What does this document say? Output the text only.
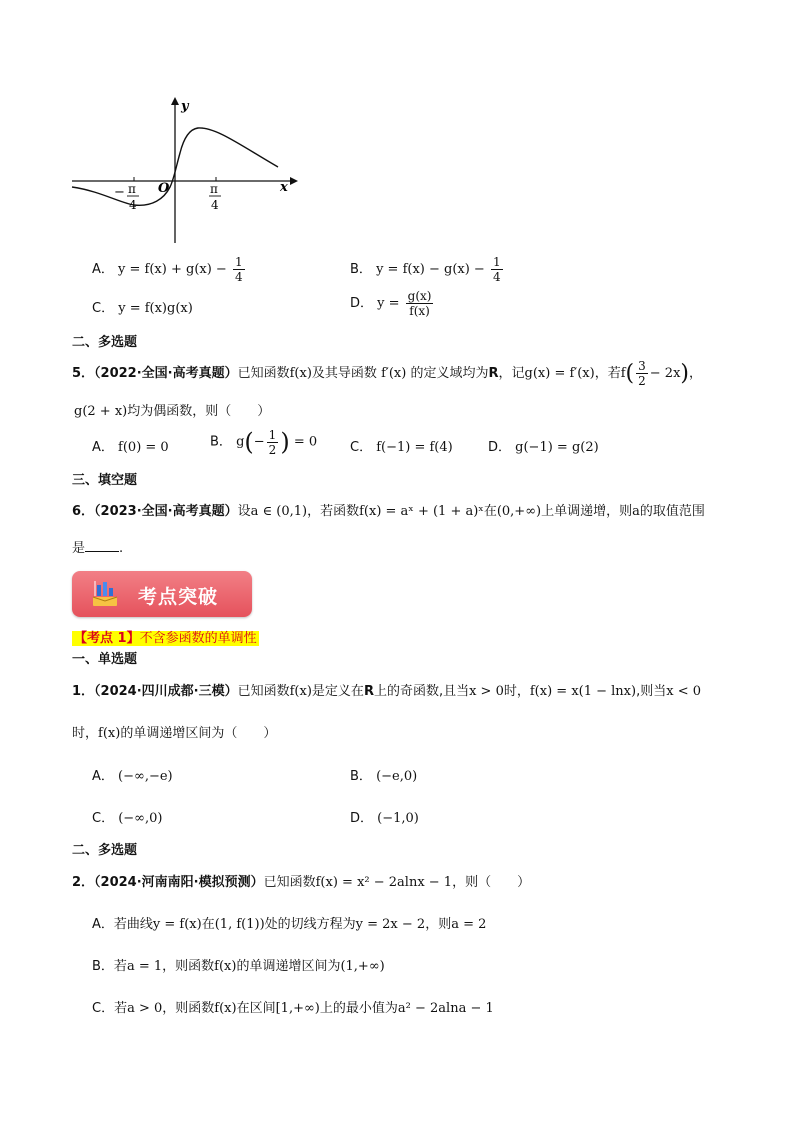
y
x
O
− π
4
π
4
A． $y = f(x) + g(x) - \frac{1}{4}$	B． $y = f(x) - g(x) - \frac{1}{4}$
C． y = f(x)g(x)	D． $y = \frac{g(x)}{f(x)}$
二、多选题
5．（2022·全国·高考真题）已知函数f(x)及其导函数 f′(x) 的定义域均为R，记g(x) = f′(x)，若$f( \frac{3}{2} - 2x)$，
g(2 + x)均为偶函数，则（　　）
A． f(0) = 0	B． $g(- \frac{1}{2}$ ) = 0	C． f(−1) = f(4)	D． g(−1) = g(2)
三、填空题
6．（2023·全国·高考真题）设a ∈ (0,1)，若函数f(x) = aˣ + (1 + a)ˣ在(0,+∞)上单调递增，则a的取值范围
是	.
考点突破
【考点 1】不含参函数的单调性
一、单选题
1．（2024·四川成都·三模）已知函数f(x)是定义在R上的奇函数,且当x > 0时，f(x) = x(1 − lnx),则当x < 0
时，f(x)的单调递增区间为（　　）
A． (−∞,−e)	B． (−e,0)
C． (−∞,0)	D． (−1,0)
二、多选题
2．（2024·河南南阳·模拟预测）已知函数f(x) = x² − 2alnx − 1，则（　　）
A．若曲线y = f(x)在(1, f(1))处的切线方程为y = 2x − 2，则a = 2
B．若a = 1，则函数f(x)的单调递增区间为(1,+∞)
C．若a > 0，则函数f(x)在区间[1,+∞)上的最小值为a² − 2alna − 1
